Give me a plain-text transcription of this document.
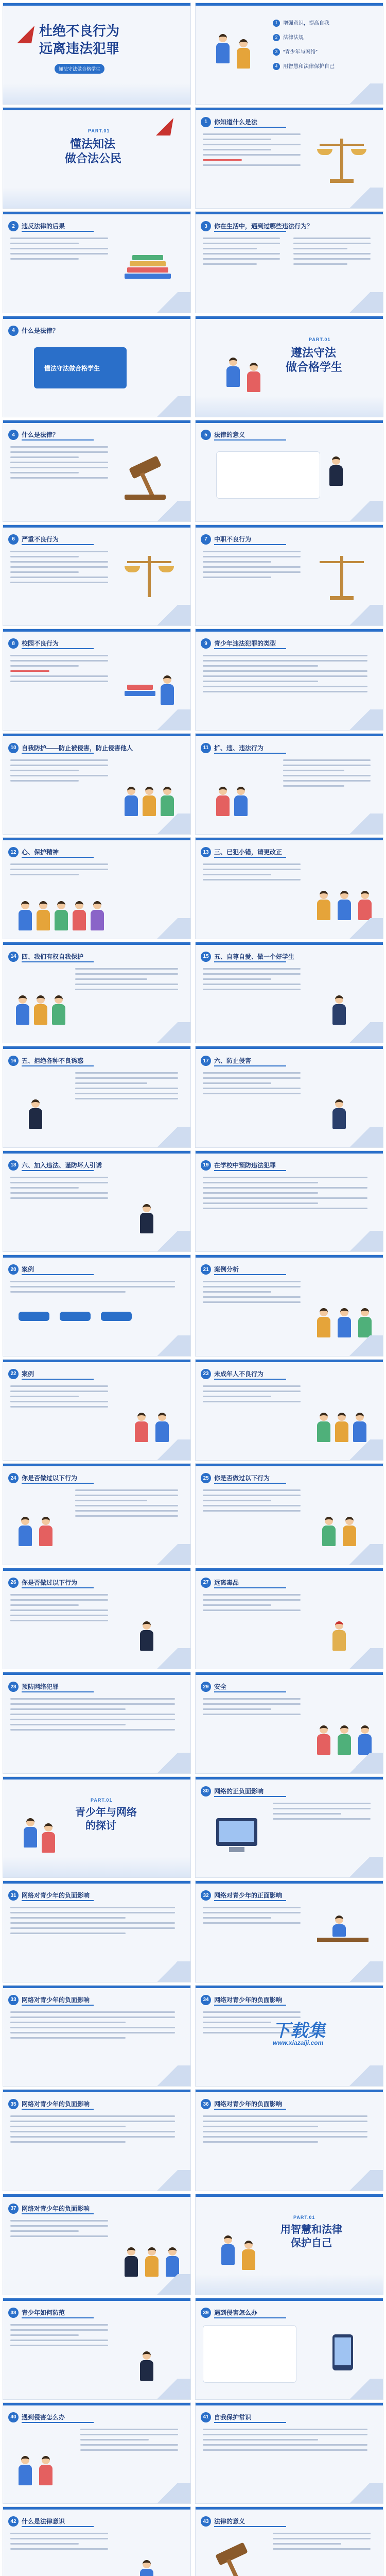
杜绝不良行为
远离违法犯罪
懂法守法做合格学生
1 增强意识，提高自我
2 法律法规
3 “青少年与网络”
4 用智慧和法律保护自己
PART.01
懂法知法
做合法公民
1	你知道什么是法
2	违反法律的后果	3	你在生活中，遇到过哪些违法行为？
4	什么是法律？
懂法守法做合格学生
PART.01
遵法守法
做合格学生
4	什么是法律？	5	法律的意义
6	严重不良行为	7	中职不良行为
8	校园不良行为	9	青少年违法犯罪的类型
10 自我防护——防止被侵害，防止侵害他人	11 扩、违、违法行为
12 心、保护精神	13 三、已犯小错，请更改正
14 四、我们有权自我保护	15 五、自尊自爱、做一个好学生
16 五、拒绝各种不良诱惑	17 六、防止侵害
18 六、加入违法、谨防坏人引诱	19 在学校中预防违法犯罪
20 案例	21 案例分析
22 案例	23 未成年人不良行为
24 你是否做过以下行为	25 你是否做过以下行为
26 你是否做过以下行为	27 远离毒品
28 预防网络犯罪	29 安全
PART.01
青少年与网络
的探讨
30 网络的正负面影响
31 网络对青少年的负面影响	32 网络对青少年的正面影响
33 网络对青少年的负面影响	34 网络对青少年的负面影响
下载集
www.xiazaiji.com
35 网络对青少年的负面影响	36 网络对青少年的负面影响
37 网络对青少年的负面影响
PART.01
用智慧和法律
保护自己
38 青少年如何防范	39 遇到侵害怎么办
40 遇到侵害怎么办	41 自我保护常识
42 什么是法律意识	43 法律的意义
